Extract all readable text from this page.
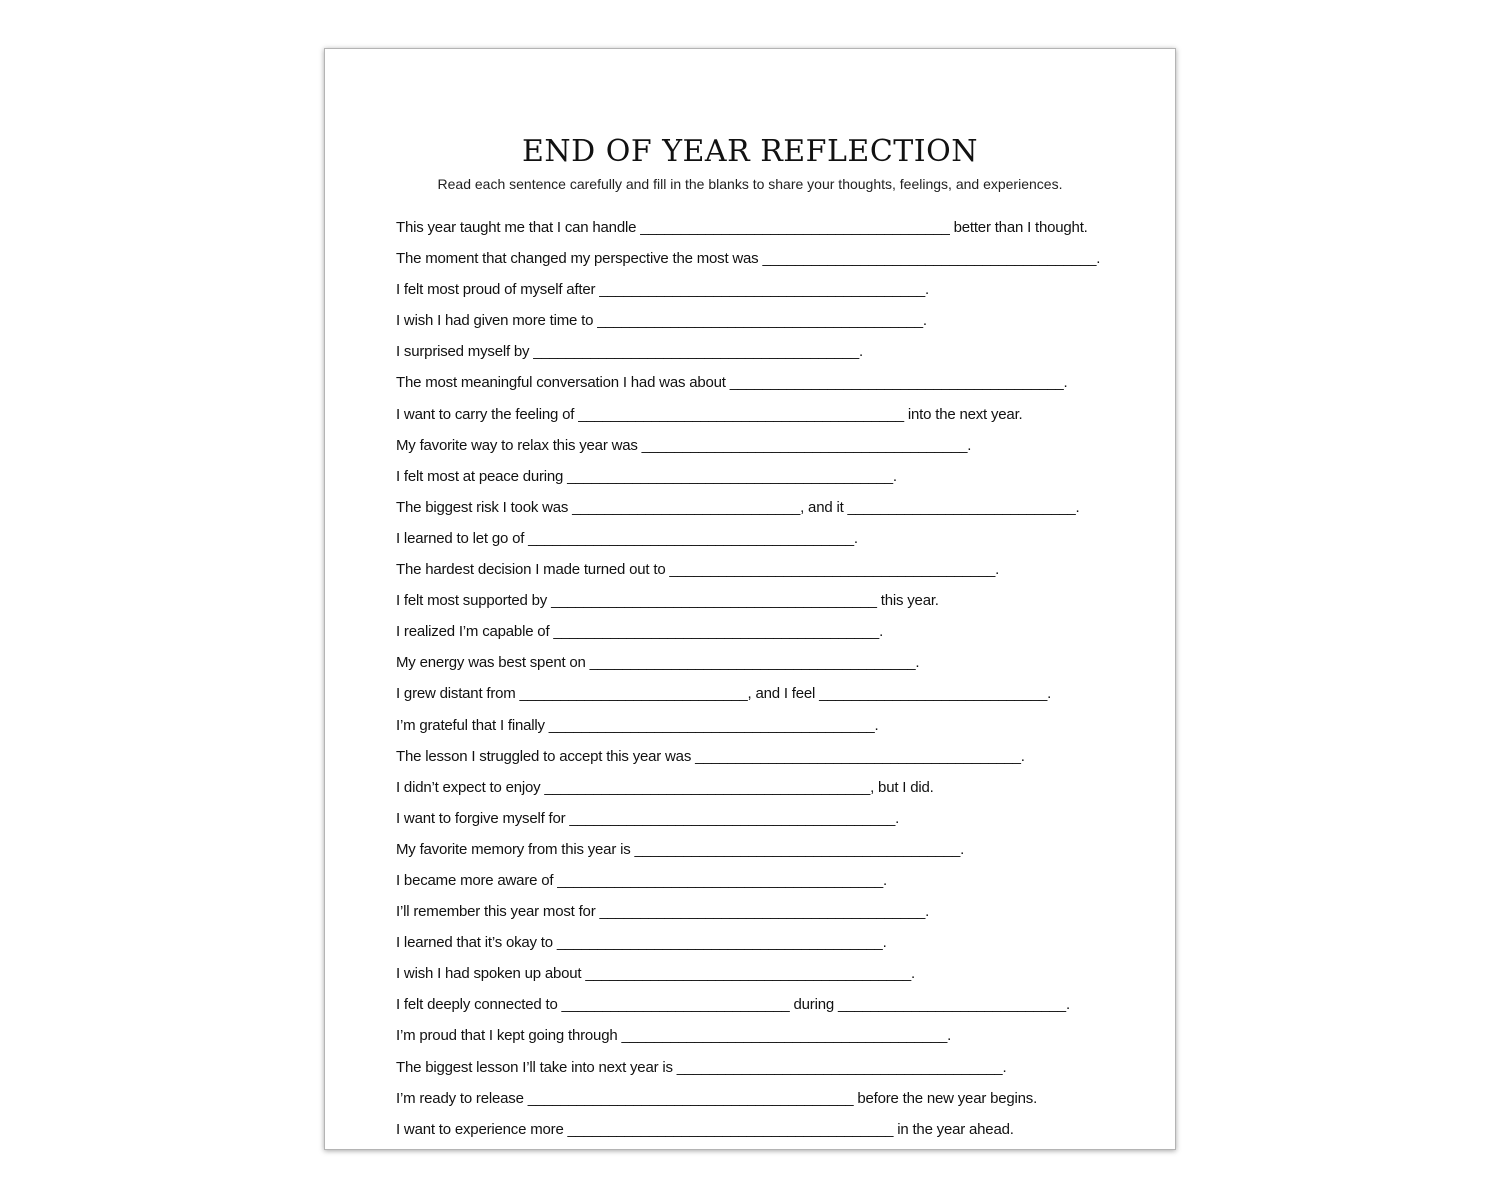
END OF YEAR REFLECTION

Read each sentence carefully and fill in the blanks to share your thoughts, feelings, and experiences.

This year taught me that I can handle ______________________________________ better than I thought.
The moment that changed my perspective the most was _________________________________________.
I felt most proud of myself after ________________________________________.
I wish I had given more time to ________________________________________.
I surprised myself by ________________________________________.
The most meaningful conversation I had was about _________________________________________.
I want to carry the feeling of ________________________________________ into the next year.
My favorite way to relax this year was ________________________________________.
I felt most at peace during ________________________________________.
The biggest risk I took was ____________________________, and it ____________________________.
I learned to let go of ________________________________________.
The hardest decision I made turned out to ________________________________________.
I felt most supported by ________________________________________ this year.
I realized I’m capable of ________________________________________.
My energy was best spent on ________________________________________.
I grew distant from ____________________________, and I feel ____________________________.
I’m grateful that I finally ________________________________________.
The lesson I struggled to accept this year was ________________________________________.
I didn’t expect to enjoy ________________________________________, but I did.
I want to forgive myself for ________________________________________.
My favorite memory from this year is ________________________________________.
I became more aware of ________________________________________.
I’ll remember this year most for ________________________________________.
I learned that it’s okay to ________________________________________.
I wish I had spoken up about ________________________________________.
I felt deeply connected to ____________________________ during ____________________________.
I’m proud that I kept going through ________________________________________.
The biggest lesson I’ll take into next year is ________________________________________.
I’m ready to release ________________________________________ before the new year begins.
I want to experience more ________________________________________ in the year ahead.
